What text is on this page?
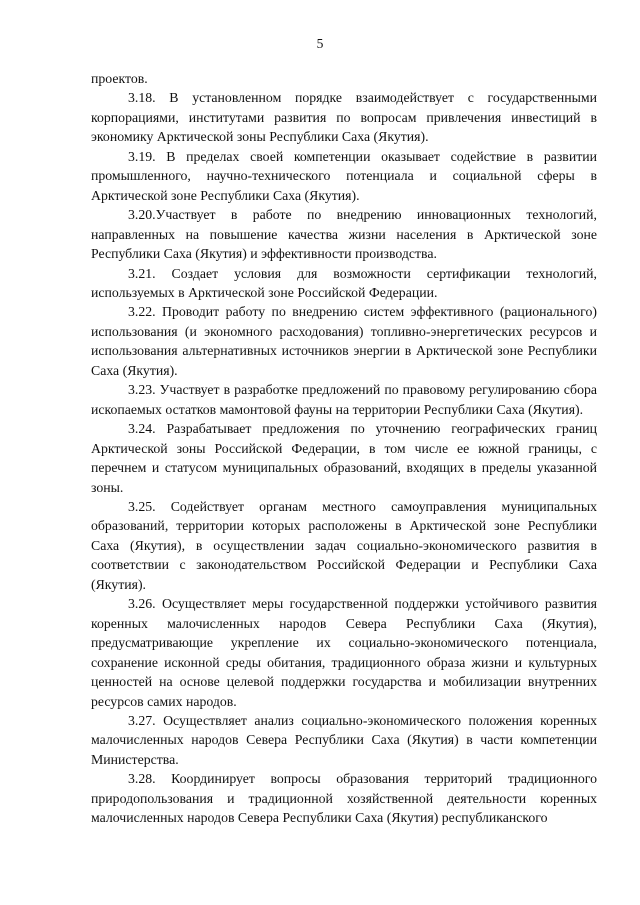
5

проектов.

3.18. В установленном порядке взаимодействует с государственными корпорациями, институтами развития по вопросам привлечения инвестиций в экономику Арктической зоны Республики Саха (Якутия).

3.19. В пределах своей компетенции оказывает содействие в развитии промышленного, научно-технического потенциала и социальной сферы в Арктической зоне Республики Саха (Якутия).

3.20.Участвует в работе по внедрению инновационных технологий, направленных на повышение качества жизни населения в Арктической зоне Республики Саха (Якутия) и эффективности производства.

3.21. Создает условия для возможности сертификации технологий, используемых в Арктической зоне Российской Федерации.

3.22. Проводит работу по внедрению систем эффективного (рационального) использования (и экономного расходования) топливно-энергетических ресурсов и использования альтернативных источников энергии в Арктической зоне Республики Саха (Якутия).

3.23. Участвует в разработке предложений по правовому регулированию сбора ископаемых остатков мамонтовой фауны на территории Республики Саха (Якутия).

3.24. Разрабатывает предложения по уточнению географических границ Арктической зоны Российской Федерации, в том числе ее южной границы, с перечнем и статусом муниципальных образований, входящих в пределы указанной зоны.

3.25. Содействует органам местного самоуправления муниципальных образований, территории которых расположены в Арктической зоне Республики Саха (Якутия), в осуществлении задач социально-экономического развития в соответствии с законодательством Российской Федерации и Республики Саха (Якутия).

3.26. Осуществляет меры государственной поддержки устойчивого развития коренных малочисленных народов Севера Республики Саха (Якутия), предусматривающие укрепление их социально-экономического потенциала, сохранение исконной среды обитания, традиционного образа жизни и культурных ценностей на основе целевой поддержки государства и мобилизации внутренних ресурсов самих народов.

3.27. Осуществляет анализ социально-экономического положения коренных малочисленных народов Севера Республики Саха (Якутия) в части компетенции Министерства.

3.28. Координирует вопросы образования территорий традиционного природопользования и традиционной хозяйственной деятельности коренных малочисленных народов Севера Республики Саха (Якутия) республиканского
